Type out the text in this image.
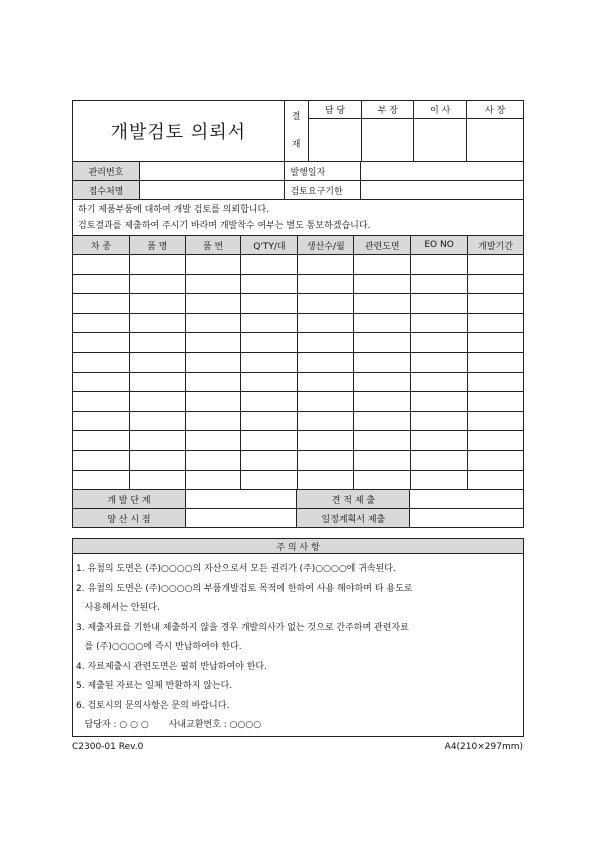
개발검토 의뢰서	결
재	담 당	부 장	이 사	사 장

관리번호		발행일자	
접수처명		검토요구기한	
하기 제품부품에 대하여 개발 검토를 의뢰합니다.
검토결과를 제출하여 주시기 바라며 개발착수 여부는 별도 통보하겠습니다.			
차 종	품 명	품 번	Q'TY/대	생산수/월	관련도면	EO NO	개발기간

개 발 단 계		견 적 제 출	
양 산 시 점		일정계획서 제출	
주 의 사 항

1. 유첨의 도면은 (주)○○○○의 자산으로서 모든 권리가 (주)○○○○에 귀속된다.
2. 유첨의 도면은 (주)○○○○의 부품개발검토 목적에 한하여 사용 해야하며 타 용도로
사용해서는 안된다.
3. 제출자료를 기한내 제출하지 않을 경우 개발의사가 없는 것으로 간주하며 관련자료
를 (주)○○○○에 즉시 반납하여야 한다.
4. 자료제출시 관련도면은 필히 반납하여야 한다.
5. 제출된 자료는 일체 반환하지 않는다.
6. 검토시의 문의사항은 문의 바랍니다.
담당자 : ○ ○ ○       사내교환번호 : ○○○○
C2300-01 Rev.0	A4(210×297mm)
